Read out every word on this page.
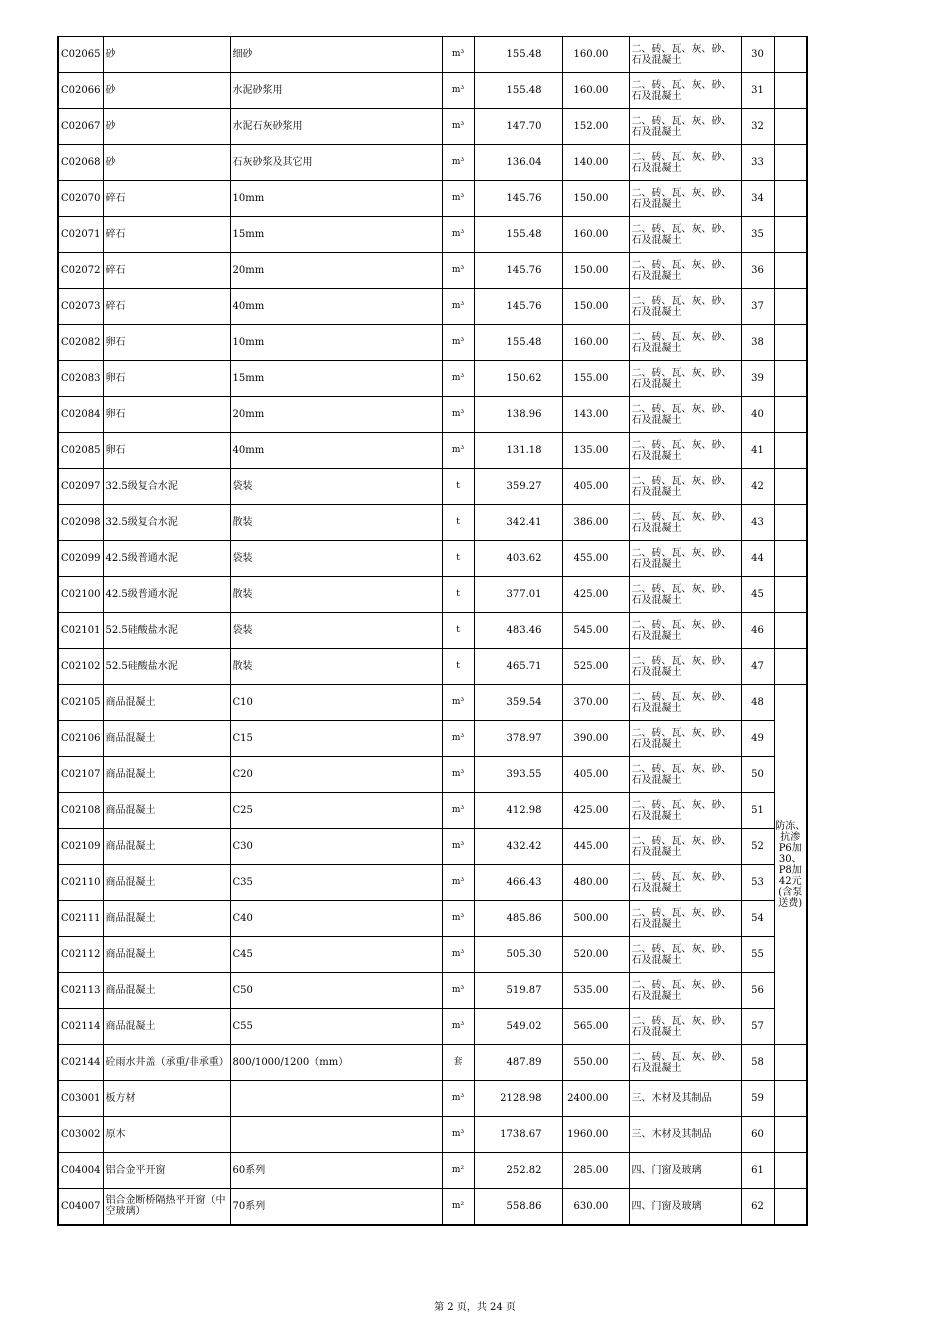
C02065	砂	细砂	m³	155.48	160.00	二、砖、瓦、灰、砂、石及混凝土	30	
C02066	砂	水泥砂浆用	m³	155.48	160.00	二、砖、瓦、灰、砂、石及混凝土	31	
C02067	砂	水泥石灰砂浆用	m³	147.70	152.00	二、砖、瓦、灰、砂、石及混凝土	32	
C02068	砂	石灰砂浆及其它用	m³	136.04	140.00	二、砖、瓦、灰、砂、石及混凝土	33	
C02070	碎石	10mm	m³	145.76	150.00	二、砖、瓦、灰、砂、石及混凝土	34	
C02071	碎石	15mm	m³	155.48	160.00	二、砖、瓦、灰、砂、石及混凝土	35	
C02072	碎石	20mm	m³	145.76	150.00	二、砖、瓦、灰、砂、石及混凝土	36	
C02073	碎石	40mm	m³	145.76	150.00	二、砖、瓦、灰、砂、石及混凝土	37	
C02082	卵石	10mm	m³	155.48	160.00	二、砖、瓦、灰、砂、石及混凝土	38	
C02083	卵石	15mm	m³	150.62	155.00	二、砖、瓦、灰、砂、石及混凝土	39	
C02084	卵石	20mm	m³	138.96	143.00	二、砖、瓦、灰、砂、石及混凝土	40	
C02085	卵石	40mm	m³	131.18	135.00	二、砖、瓦、灰、砂、石及混凝土	41	
C02097	32.5级复合水泥	袋装	t	359.27	405.00	二、砖、瓦、灰、砂、石及混凝土	42	
C02098	32.5级复合水泥	散装	t	342.41	386.00	二、砖、瓦、灰、砂、石及混凝土	43	
C02099	42.5级普通水泥	袋装	t	403.62	455.00	二、砖、瓦、灰、砂、石及混凝土	44	
C02100	42.5级普通水泥	散装	t	377.01	425.00	二、砖、瓦、灰、砂、石及混凝土	45	
C02101	52.5硅酸盐水泥	袋装	t	483.46	545.00	二、砖、瓦、灰、砂、石及混凝土	46	
C02102	52.5硅酸盐水泥	散装	t	465.71	525.00	二、砖、瓦、灰、砂、石及混凝土	47	
C02105	商品混凝土	C10	m³	359.54	370.00	二、砖、瓦、灰、砂、石及混凝土	48	防冻、抗渗P6加30、P8加42元(含泵送费)
C02106	商品混凝土	C15	m³	378.97	390.00	二、砖、瓦、灰、砂、石及混凝土	49	
C02107	商品混凝土	C20	m³	393.55	405.00	二、砖、瓦、灰、砂、石及混凝土	50	
C02108	商品混凝土	C25	m³	412.98	425.00	二、砖、瓦、灰、砂、石及混凝土	51	
C02109	商品混凝土	C30	m³	432.42	445.00	二、砖、瓦、灰、砂、石及混凝土	52	
C02110	商品混凝土	C35	m³	466.43	480.00	二、砖、瓦、灰、砂、石及混凝土	53	
C02111	商品混凝土	C40	m³	485.86	500.00	二、砖、瓦、灰、砂、石及混凝土	54	
C02112	商品混凝土	C45	m³	505.30	520.00	二、砖、瓦、灰、砂、石及混凝土	55	
C02113	商品混凝土	C50	m³	519.87	535.00	二、砖、瓦、灰、砂、石及混凝土	56	
C02114	商品混凝土	C55	m³	549.02	565.00	二、砖、瓦、灰、砂、石及混凝土	57	
C02144	砼雨水井盖（承重/非承重）	800/1000/1200（mm）	套	487.89	550.00	二、砖、瓦、灰、砂、石及混凝土	58	
C03001	板方材		m³	2128.98	2400.00	三、木材及其制品	59	
C03002	原木		m³	1738.67	1960.00	三、木材及其制品	60	
C04004	铝合金平开窗	60系列	m²	252.82	285.00	四、门窗及玻璃	61	
C04007	铝合金断桥隔热平开窗（中空玻璃）	70系列	m²	558.86	630.00	四、门窗及玻璃	62	
第 2 页，共 24 页
